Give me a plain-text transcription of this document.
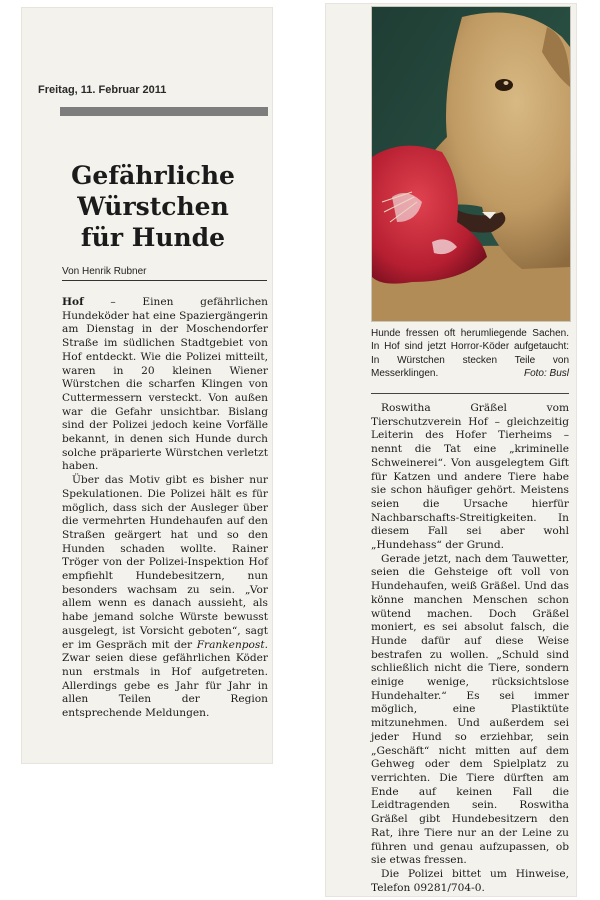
Freitag, 11. Februar 2011
Gefährliche
Würstchen
für Hunde
Von Henrik Rubner

Hof – Einen gefährlichen Hundeköder hat eine Spaziergängerin am Dienstag in der Moschendorfer Straße im südlichen Stadtgebiet von Hof entdeckt. Wie die Polizei mitteilt, waren in 20 kleinen Wiener Würstchen die scharfen Klingen von Cuttermessern versteckt. Von außen war die Gefahr unsichtbar. Bislang sind der Polizei jedoch keine Vorfälle bekannt, in denen sich Hunde durch solche präparierte Würstchen verletzt haben.

Über das Motiv gibt es bisher nur Spekulationen. Die Polizei hält es für möglich, dass sich der Ausleger über die vermehrten Hundehaufen auf den Straßen geärgert hat und so den Hunden schaden wollte. Rainer Tröger von der Polizei-Inspektion Hof empfiehlt Hundebesitzern, nun besonders wachsam zu sein. „Vor allem wenn es danach aussieht, als habe jemand solche Würste bewusst ausgelegt, ist Vorsicht geboten“, sagt er im Gespräch mit der Frankenpost. Zwar seien diese gefährlichen Köder nun erstmals in Hof aufgetreten. Allerdings gebe es Jahr für Jahr in allen Teilen der Region entsprechende Meldungen.

Hunde fressen oft herumliegende Sachen. In Hof sind jetzt Horror-Köder aufgetaucht: In Würstchen stecken Teile von Messerklingen.	Foto: Busl

Roswitha Gräßel vom Tierschutzverein Hof – gleichzeitig Leiterin des Hofer Tierheims – nennt die Tat eine „kriminelle Schweinerei“. Von ausgelegtem Gift für Katzen und andere Tiere habe sie schon häufiger gehört. Meistens seien die Ursache hierfür Nachbarschafts-Streitigkeiten. In diesem Fall sei aber wohl „Hundehass“ der Grund.

Gerade jetzt, nach dem Tauwetter, seien die Gehsteige oft voll von Hundehaufen, weiß Gräßel. Und das könne manchen Menschen schon wütend machen. Doch Gräßel moniert, es sei absolut falsch, die Hunde dafür auf diese Weise bestrafen zu wollen. „Schuld sind schließlich nicht die Tiere, sondern einige wenige, rücksichtslose Hundehalter.“ Es sei immer möglich, eine Plastiktüte mitzunehmen. Und außerdem sei jeder Hund so erziehbar, sein „Geschäft“ nicht mitten auf dem Gehweg oder dem Spielplatz zu verrichten. Die Tiere dürften am Ende auf keinen Fall die Leidtragenden sein. Roswitha Gräßel gibt Hundebesitzern den Rat, ihre Tiere nur an der Leine zu führen und genau aufzupassen, ob sie etwas fressen.

Die Polizei bittet um Hinweise, Telefon 09281/704-0.
